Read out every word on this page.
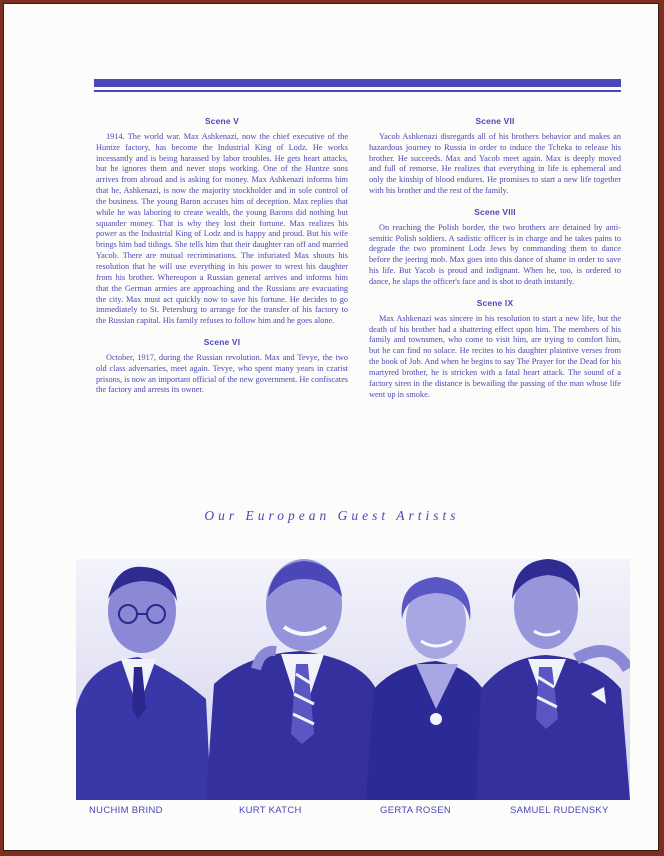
Scene V

1914. The world war. Max Ashkenazi, now the chief executive of the Huntze factory, has become the Industrial King of Lodz. He works incessantly and is being harassed by labor troubles. He gets heart attacks, but he ignores them and never stops working. One of the Huntze sons arrives from abroad and is asking for money. Max Ashkenazi informs him that he, Ashkenazi, is now the majority stockholder and in sole control of the business. The young Baron accuses him of deception. Max replies that while he was laboring to create wealth, the young Barons did nothing but squander money. That is why they lost their fortune. Max realizes his power as the Industrial King of Lodz and is happy and proud. But his wife brings him bad tidings. She tells him that their daughter ran off and married Yacob. There are mutual recriminations. The infuriated Max shouts his resolution that he will use everything in his power to wrest his daughter from his brother. Whereupon a Russian general arrives and informs him that the German armies are approaching and the Russians are evacuating the city. Max must act quickly now to save his fortune. He decides to go immediately to St. Petersburg to arrange for the transfer of his factory to the Russian capital. His family refuses to follow him and he goes alone.

Scene VI

October, 1917, during the Russian revolution. Max and Tevye, the two old class adversaries, meet again. Tevye, who spent many years in czarist prisons, is now an important official of the new government. He confiscates the factory and arrests its owner.

Scene VII

Yacob Ashkenazi disregards all of his brothers behavior and makes an hazardous journey to Russia in order to induce the Tcheka to release his brother. He succeeds. Max and Yacob meet again. Max is deeply moved and full of remorse. He realizes that everything in life is ephemeral and only the kinship of blood endures. He promises to start a new life together with his brother and the rest of the family.

Scene VIII

On reaching the Polish border, the two brothers are detained by anti-semitic Polish soldiers. A sadistic officer is in charge and he takes pains to degrade the two prominent Lodz Jews by commanding them to dance before the jeering mob. Max goes into this dance of shame in order to save his life. But Yacob is proud and indignant. When he, too, is ordered to dance, he slaps the officer's face and is shot to death instantly.

Scene IX

Max Ashkenazi was sincere in his resolution to start a new life, but the death of his brother had a shattering effect upon him. The members of his family and townsmen, who come to visit him, are trying to comfort him, but he can find no solace. He recites to his daughter plaintive verses from the book of Job. And when he begins to say The Prayer for the Dead for his martyred brother, he is stricken with a fatal heart attack. The sound of a factory siren in the distance is bewailing the passing of the man whose life went up in smoke.

Our European Guest Artists
NUCHIM BRIND	KURT KATCH	GERTA ROSEN	SAMUEL RUDENSKY
